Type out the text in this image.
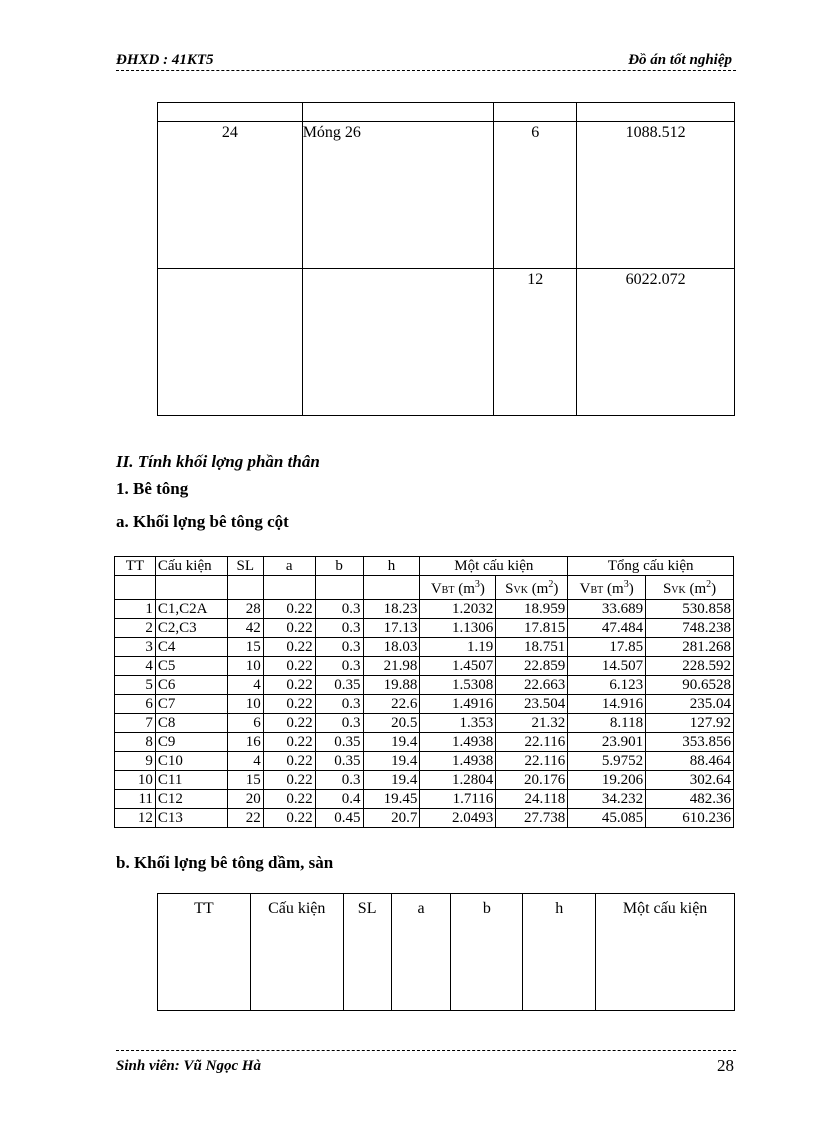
ĐHXD : 41KT5	Đồ án tốt nghiệp

24	Móng 26	6	1088.512
		12	6022.072
II. Tính khối lợng phần thân
1. Bê tông
a. Khối lợng bê tông cột
TT	Cấu kiện	SL	a	b	h	Một cấu kiện		Tổng cấu kiện	
						VBT $(m^3)$	SVK $(m^2)$	VBT $(m^3)$	SVK $(m^2)$
1	C1,C2A	28	0.22	0.3	18.23	1.2032	18.959	33.689	530.858
2	C2,C3	42	0.22	0.3	17.13	1.1306	17.815	47.484	748.238
3	C4	15	0.22	0.3	18.03	1.19	18.751	17.85	281.268
4	C5	10	0.22	0.3	21.98	1.4507	22.859	14.507	228.592
5	C6	4	0.22	0.35	19.88	1.5308	22.663	6.123	90.6528
6	C7	10	0.22	0.3	22.6	1.4916	23.504	14.916	235.04
7	C8	6	0.22	0.3	20.5	1.353	21.32	8.118	127.92
8	C9	16	0.22	0.35	19.4	1.4938	22.116	23.901	353.856
9	C10	4	0.22	0.35	19.4	1.4938	22.116	5.9752	88.464
10	C11	15	0.22	0.3	19.4	1.2804	20.176	19.206	302.64
11	C12	20	0.22	0.4	19.45	1.7116	24.118	34.232	482.36
12	C13	22	0.22	0.45	20.7	2.0493	27.738	45.085	610.236
b. Khối lợng bê tông dầm, sàn
TT	Cấu kiện	SL	a	b	h	Một cấu kiện
Sinh viên: Vũ Ngọc Hà	28
